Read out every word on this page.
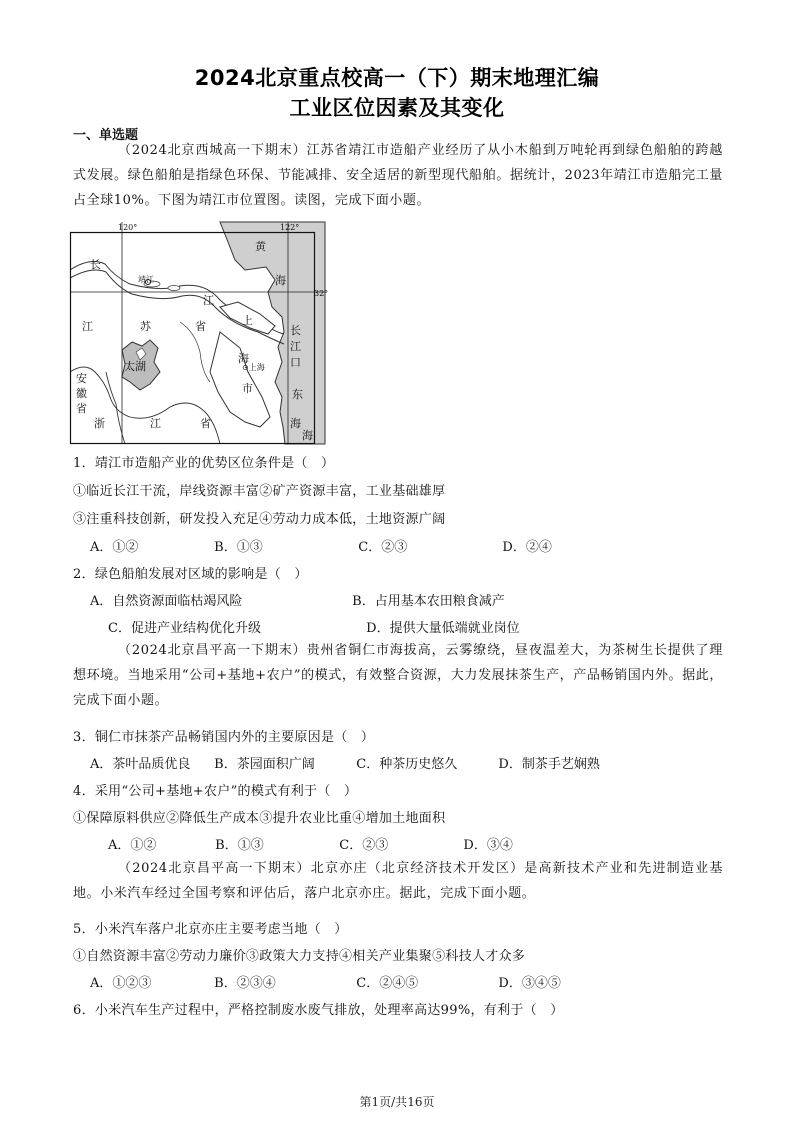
2024北京重点校高一（下）期末地理汇编
工业区位因素及其变化
一、单选题
（2024北京西城高一下期末）江苏省靖江市造船产业经历了从小木船到万吨轮再到绿色船舶的跨越式发展。绿色船舶是指绿色环保、节能减排、安全适居的新型现代船舶。据统计，2023年靖江市造船完工量占全球10%。下图为靖江市位置图。读图，完成下面小题。
120°	122°
32°
黄
海
长
靖江
江
江	苏	省	上
海
⊙上海
市
太湖
安
徽
省
浙	江	省
长
江
口
东
海
海
1．靖江市造船产业的优势区位条件是（　）
①临近长江干流，岸线资源丰富②矿产资源丰富，工业基础雄厚
③注重科技创新，研发投入充足④劳动力成本低，土地资源广阔
A．①②	B．①③	C．②③	D．②④
2．绿色船舶发展对区域的影响是（　）
A．自然资源面临枯竭风险	B．占用基本农田粮食减产
C．促进产业结构优化升级	D．提供大量低端就业岗位
（2024北京昌平高一下期末）贵州省铜仁市海拔高，云雾缭绕，昼夜温差大，为茶树生长提供了理想环境。当地采用“公司+基地+农户”的模式，有效整合资源，大力发展抹茶生产，产品畅销国内外。据此，完成下面小题。
3．铜仁市抹茶产品畅销国内外的主要原因是（　）
A．茶叶品质优良 B．茶园面积广阔	C．种茶历史悠久	D．制茶手艺娴熟
4．采用“公司+基地+农户”的模式有利于（　）
①保障原料供应②降低生产成本③提升农业比重④增加土地面积
A．①②	B．①③	C．②③	D．③④
（2024北京昌平高一下期末）北京亦庄（北京经济技术开发区）是高新技术产业和先进制造业基地。小米汽车经过全国考察和评估后，落户北京亦庄。据此，完成下面小题。
5．小米汽车落户北京亦庄主要考虑当地（　）
①自然资源丰富②劳动力廉价③政策大力支持④相关产业集聚⑤科技人才众多
A．①②③	B．②③④	C．②④⑤	D．③④⑤
6．小米汽车生产过程中，严格控制废水废气排放，处理率高达99%，有利于（　）
第1页/共16页
